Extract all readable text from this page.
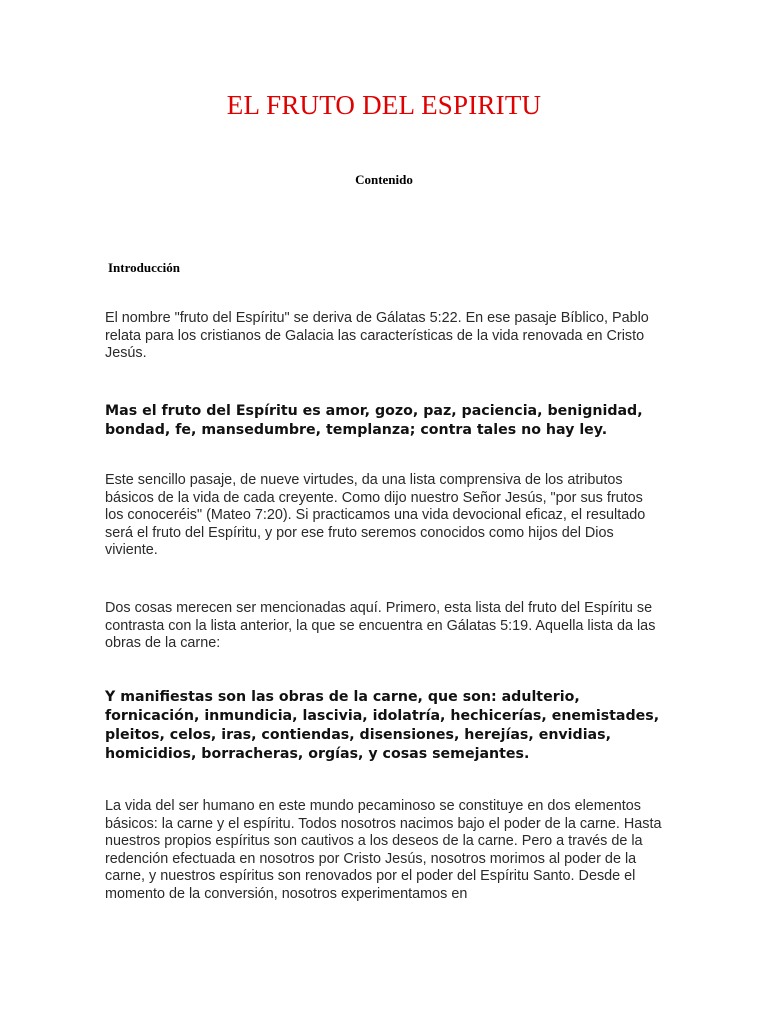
EL FRUTO DEL ESPIRITU
Contenido
Introducción

El nombre "fruto del Espíritu" se deriva de Gálatas 5:22. En ese pasaje Bíblico, Pablo relata para los cristianos de Galacia las características de la vida renovada en Cristo Jesús.

Mas el fruto del Espíritu es amor, gozo, paz, paciencia, benignidad, bondad, fe, mansedumbre, templanza; contra tales no hay ley.

Este sencillo pasaje, de nueve virtudes, da una lista comprensiva de los atributos básicos de la vida de cada creyente. Como dijo nuestro Señor Jesús, "por sus frutos los conoceréis" (Mateo 7:20). Si practicamos una vida devocional eficaz, el resultado será el fruto del Espíritu, y por ese fruto seremos conocidos como hijos del Dios viviente.

Dos cosas merecen ser mencionadas aquí. Primero, esta lista del fruto del Espíritu se contrasta con la lista anterior, la que se encuentra en Gálatas 5:19. Aquella lista da las obras de la carne:

Y manifiestas son las obras de la carne, que son: adulterio, fornicación, inmundicia, lascivia, idolatría, hechicerías, enemistades, pleitos, celos, iras, contiendas, disensiones, herejías, envidias, homicidios, borracheras, orgías, y cosas semejantes.

La vida del ser humano en este mundo pecaminoso se constituye en dos elementos básicos: la carne y el espíritu. Todos nosotros nacimos bajo el poder de la carne. Hasta nuestros propios espíritus son cautivos a los deseos de la carne. Pero a través de la redención efectuada en nosotros por Cristo Jesús, nosotros morimos al poder de la carne, y nuestros espíritus son renovados por el poder del Espíritu Santo. Desde el momento de la conversión, nosotros experimentamos en
